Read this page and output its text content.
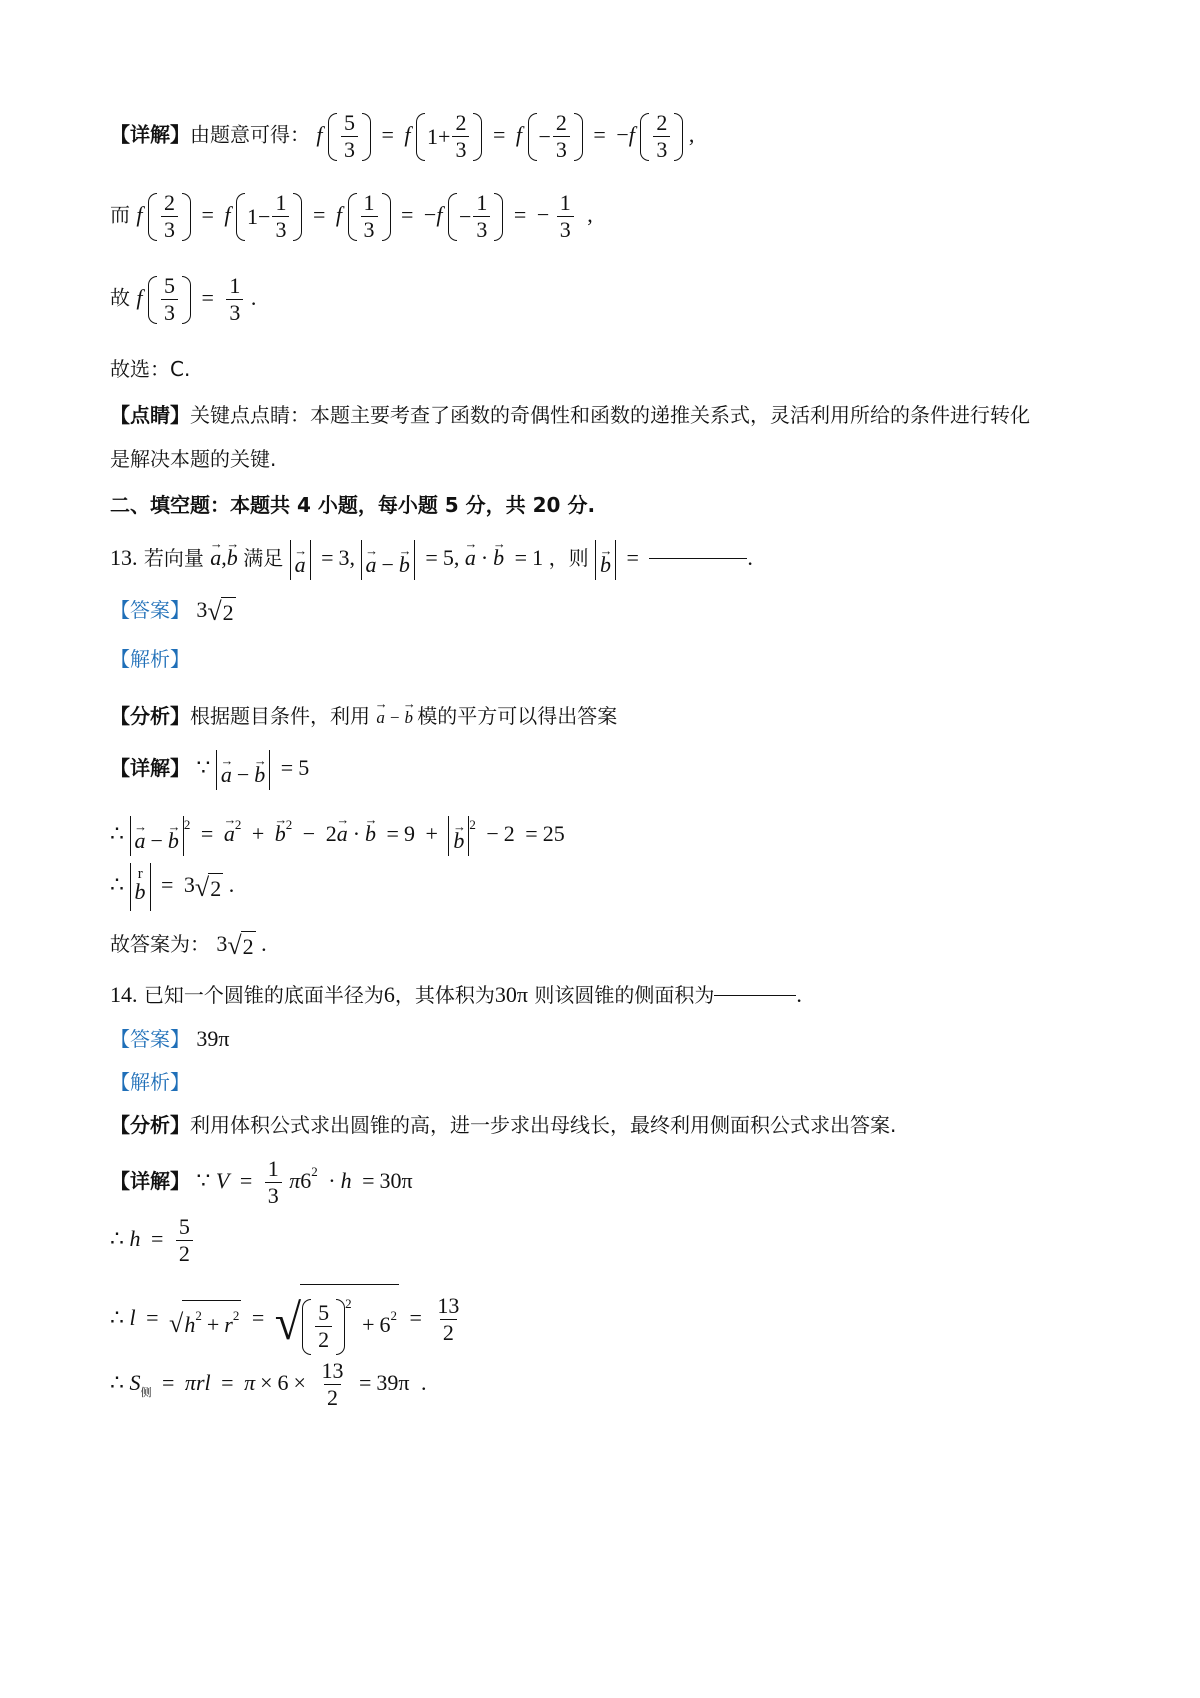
【详解】由题意可得： f $\frac{5}{3} = f$ $1+ \frac{2}{3} = f - \frac{2}{3} = -f \frac{2}{3}$ ,
而 f $\frac{2}{3} = f$ $1- \frac{1}{3} = f \frac{1}{3} = -f - \frac{1}{3}$ = − $\frac{1}{3}$ ,
故 f $\frac{5}{3} = \frac{1}{3}$ .
故选：C.
【点睛】关键点点睛：本题主要考查了函数的奇偶性和函数的递推关系式，灵活利用所给的条件进行转化
是解决本题的关键.
二、填空题：本题共 4 小题，每小题 5 分，共 20 分.
13. 若向量 → a,→ b 满足 → a = 3, → a −→ b = 5, → a ·→ b = 1 ，则 → b =	.
【答案】 3 √ 2
【解析】
【分析】根据题目条件，利用 → a −→ b 模的平方可以得出答案
【详解】 ∵ → a −→ b = 5
∴ → $a -\to b^2$ = → $a^2$ + → $b^2 - 2\to a \cdot\to b = 9$ + → $b^2 - 2 = 25$
∴ r b = 3 √ 2 .
故答案为： 3 √ 2 .
14. 已知一个圆锥的底面半径为6，其体积为30π 则该圆锥的侧面积为	.
【答案】 39π
【解析】
【分析】利用体积公式求出圆锥的高，进一步求出母线长，最终利用侧面积公式求出答案.
【详解】 ∵ $V = \frac{1}{3} \pi 6^2 \cdot h = 30\pi$
∴ $h = \frac{5}{2}$
∴ l = √ $h^2 + r^2$ = √ $\frac{5}{2} ^2 + 6^2 = \frac{13}{2}$
∴ $S_侧 = \pi rl = \pi \times 6 \times \frac{13}{2} = 39\pi$ .
